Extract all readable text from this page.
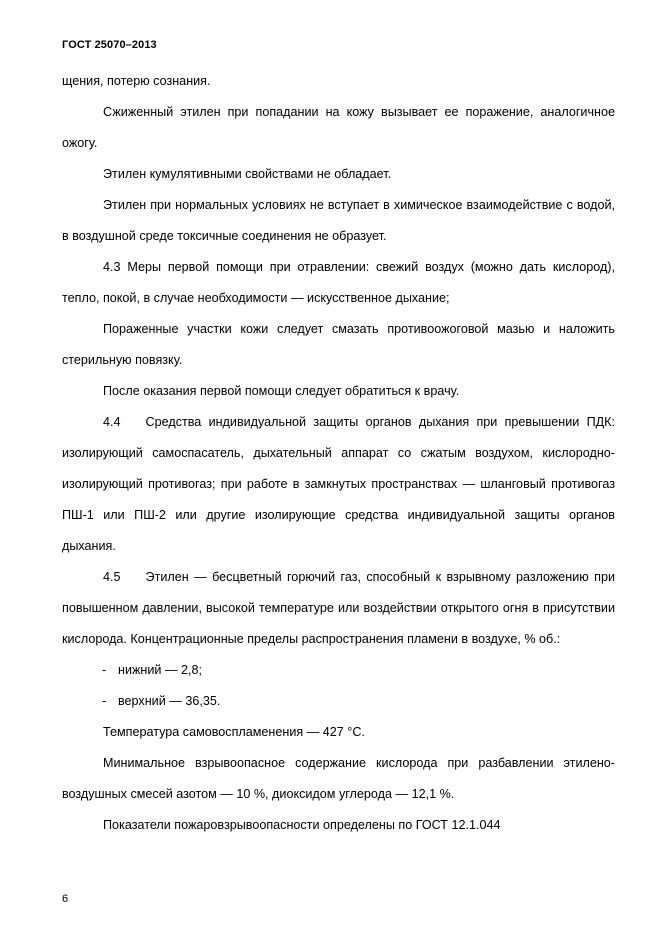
ГОСТ 25070–2013

щения, потерю сознания.

Сжиженный этилен при попадании на кожу вызывает ее поражение, аналогичное ожогу.

Этилен кумулятивными свойствами не обладает.

Этилен при нормальных условиях не вступает в химическое взаимодействие с водой, в воздушной среде токсичные соединения не образует.

4.3 Меры первой помощи при отравлении: свежий воздух (можно дать кислород), тепло, покой, в случае необходимости — искусственное дыхание;

Пораженные участки кожи следует смазать противоожоговой мазью и наложить стерильную повязку.

После оказания первой помощи следует обратиться к врачу.

4.4 Средства индивидуальной защиты органов дыхания при превышении ПДК: изолирующий самоспасатель, дыхательный аппарат со сжатым воздухом, кислородно-изолирующий противогаз; при работе в замкнутых пространствах — шланговый противогаз ПШ-1 или ПШ-2 или другие изолирующие средства индивидуальной защиты органов дыхания.

4.5 Этилен — бесцветный горючий газ, способный к взрывному разложению при повышенном давлении, высокой температуре или воздействии открытого огня в присутствии кислорода. Концентрационные пределы распространения пламени в воздухе, % об.:

- нижний — 2,8;
- верхний — 36,35.

Температура самовоспламенения — 427 °C.

Минимальное взрывоопасное содержание кислорода при разбавлении этилено-воздушных смесей азотом — 10 %, диоксидом углерода — 12,1 %.

Показатели пожаровзрывоопасности определены по ГОСТ 12.1.044

6
